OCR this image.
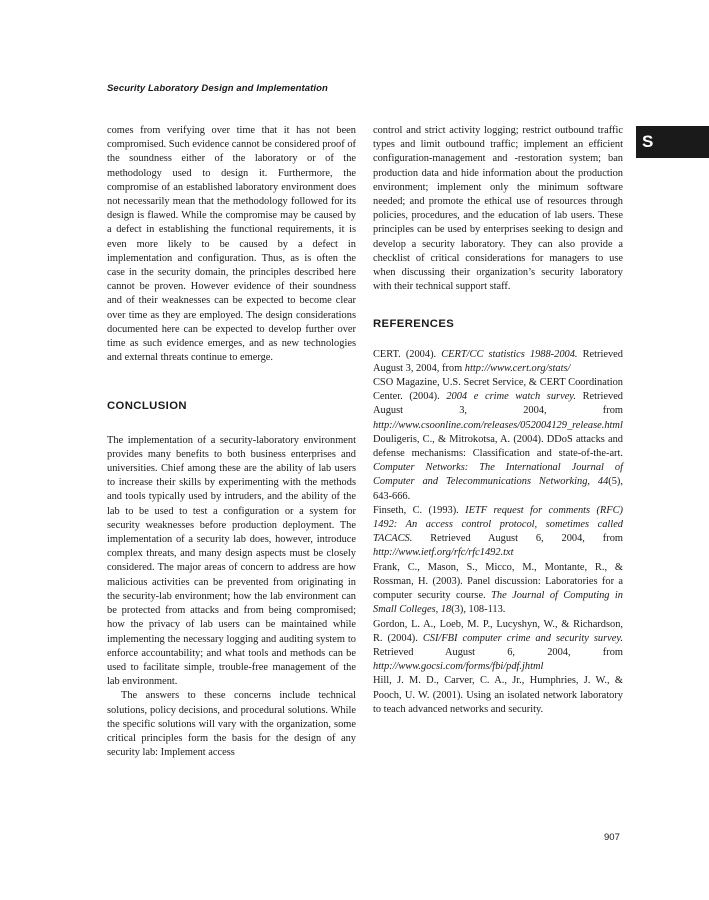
Security Laboratory Design and Implementation
S

comes from verifying over time that it has not been compromised. Such evidence cannot be considered proof of the soundness either of the laboratory or of the methodology used to design it. Furthermore, the compromise of an established laboratory environment does not necessarily mean that the methodology followed for its design is flawed. While the compromise may be caused by a defect in establishing the functional requirements, it is even more likely to be caused by a defect in implementation and configuration. Thus, as is often the case in the security domain, the principles described here cannot be proven. However evidence of their soundness and of their weaknesses can be expected to become clear over time as they are employed. The design considerations documented here can be expected to develop further over time as such evidence emerges, and as new technologies and external threats continue to emerge.

CONCLUSION

The implementation of a security-laboratory environment provides many benefits to both business enterprises and universities. Chief among these are the ability of lab users to increase their skills by experimenting with the methods and tools typically used by intruders, and the ability of the lab to be used to test a configuration or a system for security weaknesses before production deployment. The implementation of a security lab does, however, introduce complex threats, and many design aspects must be closely considered. The major areas of concern to address are how malicious activities can be prevented from originating in the security-lab environment; how the lab environment can be protected from attacks and from being compromised; how the privacy of lab users can be maintained while implementing the necessary logging and auditing system to enforce accountability; and what tools and methods can be used to facilitate simple, trouble-free management of the lab environment.

The answers to these concerns include technical solutions, policy decisions, and procedural solutions. While the specific solutions will vary with the organization, some critical principles form the basis for the design of any security lab: Implement access

control and strict activity logging; restrict outbound traffic types and limit outbound traffic; implement an efficient configuration-management and -restoration system; ban production data and hide information about the production environment; implement only the minimum software needed; and promote the ethical use of resources through policies, procedures, and the education of lab users. These principles can be used by enterprises seeking to design and develop a security laboratory. They can also provide a checklist of critical considerations for managers to use when discussing their organization’s security laboratory with their technical support staff.

REFERENCES

CERT. (2004). CERT/CC statistics 1988-2004. Retrieved August 3, 2004, from http://www.cert.org/stats/

CSO Magazine, U.S. Secret Service, & CERT Coordination Center. (2004). 2004 e crime watch survey. Retrieved August 3, 2004, from http://www.csoonline.com/releases/052004129_release.html

Douligeris, C., & Mitrokotsa, A. (2004). DDoS attacks and defense mechanisms: Classification and state-of-the-art. Computer Networks: The International Journal of Computer and Telecommunications Networking, 44(5), 643-666.

Finseth, C. (1993). IETF request for comments (RFC) 1492: An access control protocol, sometimes called TACACS. Retrieved August 6, 2004, from http://www.ietf.org/rfc/rfc1492.txt

Frank, C., Mason, S., Micco, M., Montante, R., & Rossman, H. (2003). Panel discussion: Laboratories for a computer security course. The Journal of Computing in Small Colleges, 18(3), 108-113.

Gordon, L. A., Loeb, M. P., Lucyshyn, W., & Richardson, R. (2004). CSI/FBI computer crime and security survey. Retrieved August 6, 2004, from http://www.gocsi.com/forms/fbi/pdf.jhtml

Hill, J. M. D., Carver, C. A., Jr., Humphries, J. W., & Pooch, U. W. (2001). Using an isolated network laboratory to teach advanced networks and security.

907
